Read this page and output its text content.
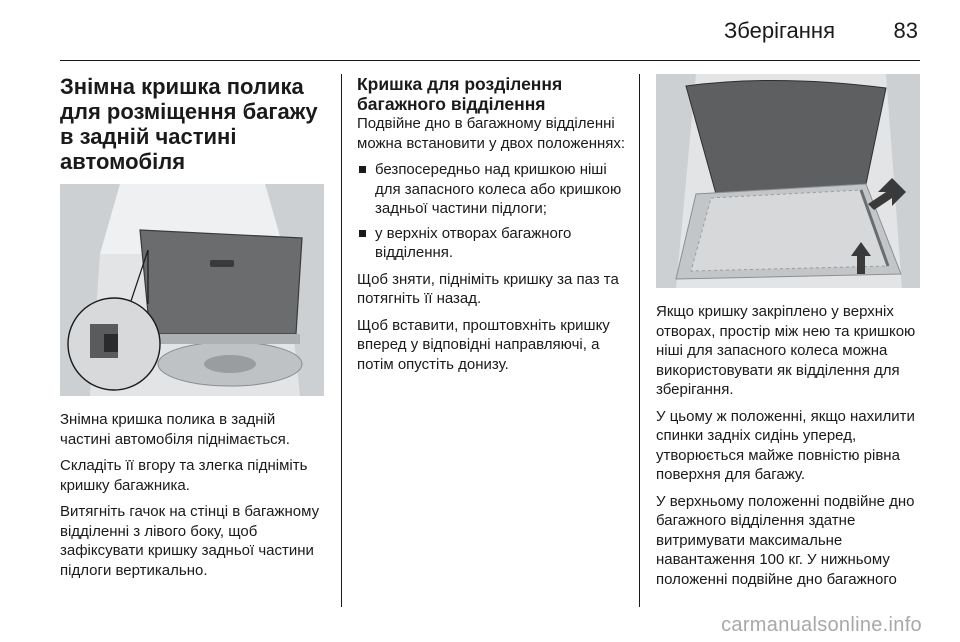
Зберігання	83
Знімна кришка полика для розміщення багажу в задній частині автомобіля

Знімна кришка полика в задній частині автомобіля піднімається.

Складіть її вгору та злегка підніміть кришку багажника.

Витягніть гачок на стінці в багажному відділенні з лівого боку, щоб зафіксувати кришку задньої частини підлоги вертикально.

Кришка для розділення багажного відділення

Подвійне дно в багажному відділенні можна встановити у двох положеннях:

безпосередньо над кришкою ніші для запасного колеса або кришкою задньої частини підлоги;
у верхніх отворах багажного відділення.

Щоб зняти, підніміть кришку за паз та потягніть її назад.

Щоб вставити, проштовхніть кришку вперед у відповідні направляючі, а потім опустіть донизу.

Якщо кришку закріплено у верхніх отворах, простір між нею та кришкою ніші для запасного колеса можна використовувати як відділення для зберігання.

У цьому ж положенні, якщо нахилити спинки задніх сидінь уперед, утворюється майже повністю рівна поверхня для багажу.

У верхньому положенні подвійне дно багажного відділення здатне витримувати максимальне навантаження 100 кг. У нижньому положенні подвійне дно багажного

carmanualsonline.info
